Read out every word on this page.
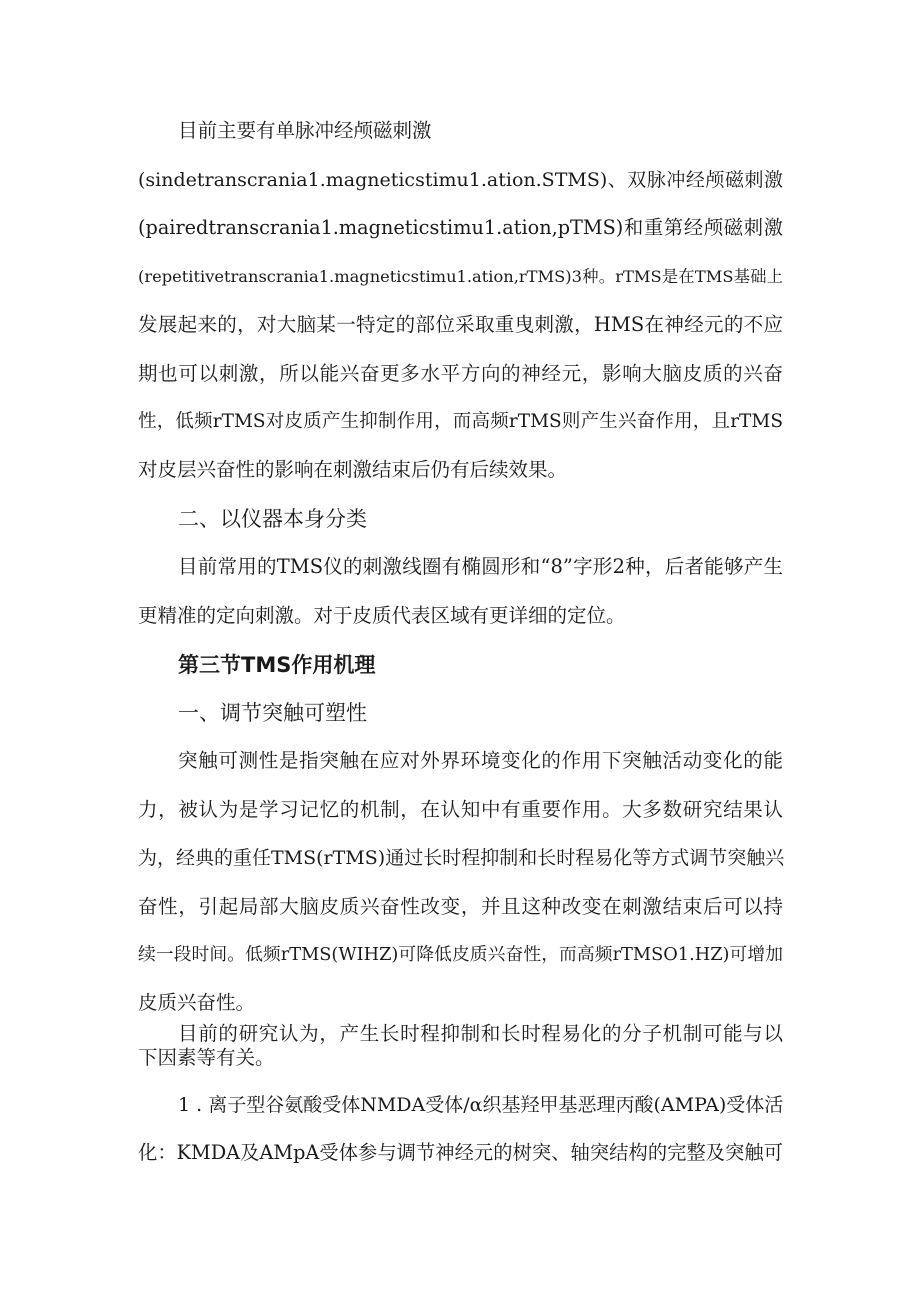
目前主要有单脉冲经颅磁刺激
(sindetranscrania1.magneticstimu1.ation.STMS)、双脉冲经颅磁刺激
(pairedtranscrania1.magneticstimu1.ation,pTMS)和重第经颅磁刺激
(repetitivetranscrania1.magneticstimu1.ation,rTMS)3种。rTMS是在TMS基础上
发展起来的，对大脑某一特定的部位采取重曳刺激，HMS在神经元的不应
期也可以刺激，所以能兴奋更多水平方向的神经元，影响大脑皮质的兴奋
性，低频rTMS对皮质产生抑制作用，而高频rTMS则产生兴奋作用，且rTMS
对皮层兴奋性的影响在刺激结束后仍有后续效果。
二、以仪器本身分类
目前常用的TMS仪的刺激线圈有椭圆形和“8”字形2种，后者能够产生
更精准的定向刺激。对于皮质代表区域有更详细的定位。
第三节TMS作用机理
一、调节突触可塑性
突触可测性是指突触在应对外界环境变化的作用下突触活动变化的能
力，被认为是学习记忆的机制，在认知中有重要作用。大多数研究结果认
为，经典的重任TMS(rTMS)通过长时程抑制和长时程易化等方式调节突触兴
奋性，引起局部大脑皮质兴奋性改变，并且这种改变在刺激结束后可以持
续一段时间。低频rTMS(WIHZ)可降低皮质兴奋性，而高频rTMSO1.HZ)可增加
皮质兴奋性。
目前的研究认为，产生长时程抑制和长时程易化的分子机制可能与以
下因素等有关。
1 . 离子型谷氨酸受体NMDA受体/α织基羟甲基恶理丙酸(AMPA)受体活
化：KMDA及AMpA受体参与调节神经元的树突、轴突结构的完整及突触可
